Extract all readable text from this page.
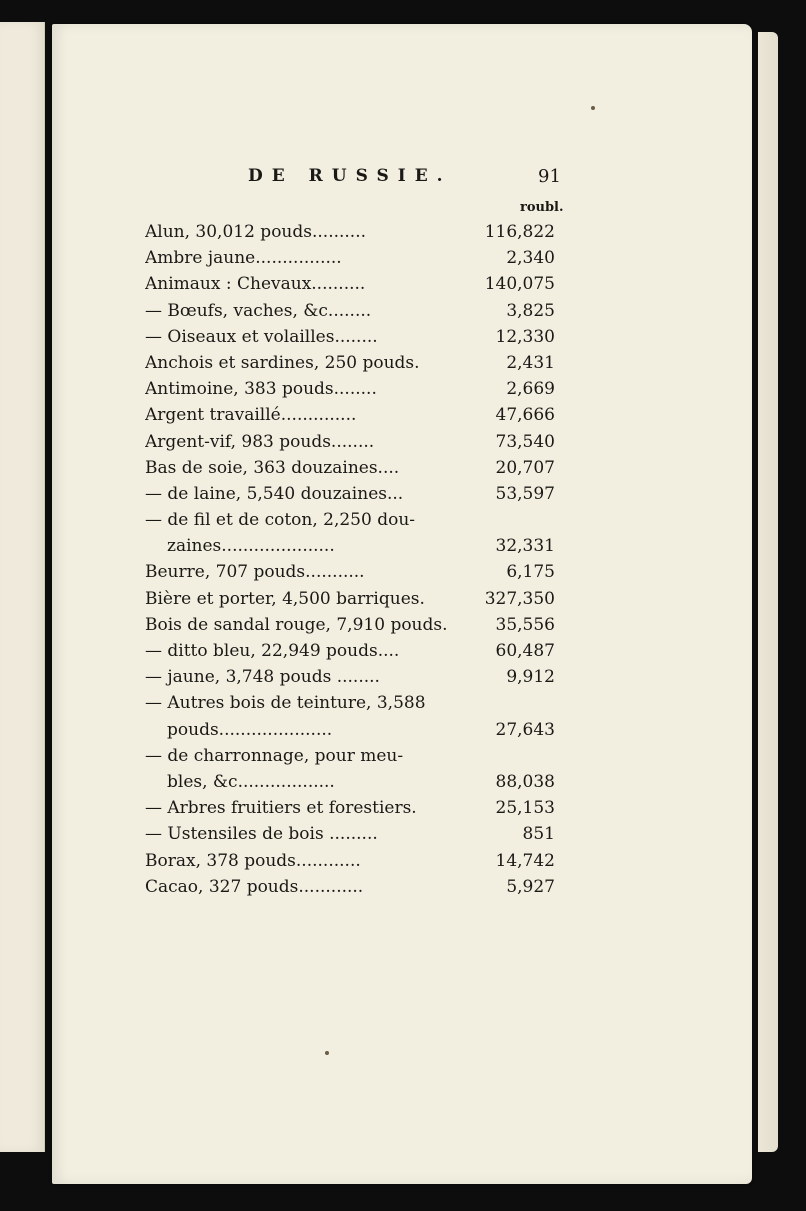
DE RUSSIE.	91
roubl.
Alun, 30,012 pouds..........	116,822
Ambre jaune................	2,340
Animaux : Chevaux..........	140,075
— Bœufs, vaches, &c........	3,825
— Oiseaux et volailles........	12,330
Anchois et sardines, 250 pouds.	2,431
Antimoine, 383 pouds........	2,669
Argent travaillé..............	47,666
Argent-vif, 983 pouds........	73,540
Bas de soie, 363 douzaines....	20,707
— de laine, 5,540 douzaines...	53,597
— de fil et de coton, 2,250 dou-
zaines.....................	32,331
Beurre, 707 pouds...........	6,175
Bière et porter, 4,500 barriques.	327,350
Bois de sandal rouge, 7,910 pouds.	35,556
— ditto bleu, 22,949 pouds....	60,487
— jaune, 3,748 pouds ........	9,912
— Autres bois de teinture, 3,588
pouds.....................	27,643
— de charronnage, pour meu-
bles, &c..................	88,038
— Arbres fruitiers et forestiers.	25,153
— Ustensiles de bois .........	851
Borax, 378 pouds............	14,742
Cacao, 327 pouds............	5,927
